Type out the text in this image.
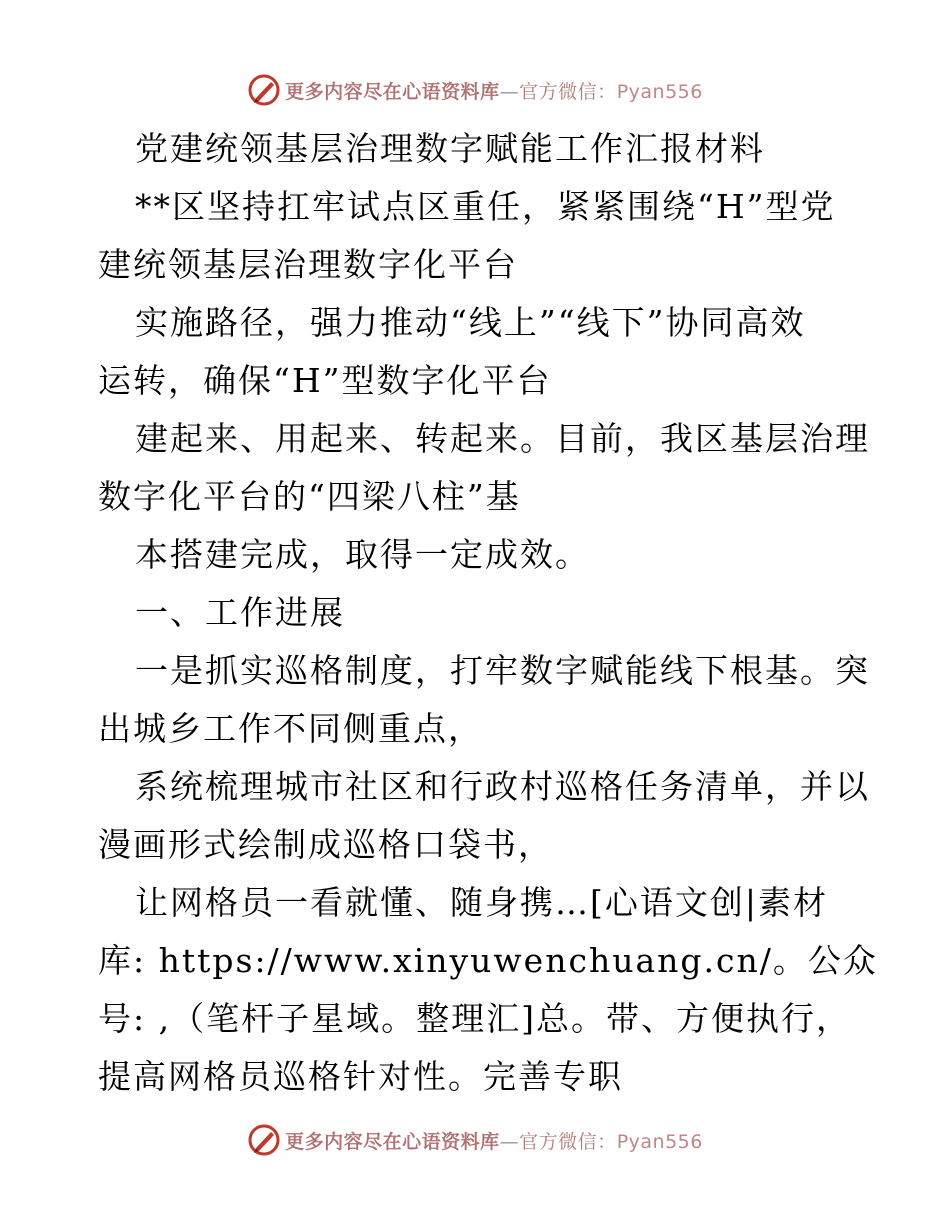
更多内容尽在心语资料库—官方微信：Pyan556
党建统领基层治理数字赋能工作汇报材料
**区坚持扛牢试点区重任，紧紧围绕“H”型党
建统领基层治理数字化平台
实施路径，强力推动“线上”“线下”协同高效
运转，确保“H”型数字化平台
建起来、用起来、转起来。目前，我区基层治理
数字化平台的“四梁八柱”基
本搭建完成，取得一定成效。
一、工作进展
一是抓实巡格制度，打牢数字赋能线下根基。突
出城乡工作不同侧重点，
系统梳理城市社区和行政村巡格任务清单，并以
漫画形式绘制成巡格口袋书，
让网格员一看就懂、随身携…[心语文创|素材
库: https://www.xinyuwenchuang.cn/。公众
号: ,（笔杆子星域。整理汇]总。带、方便执行，
提高网格员巡格针对性。完善专职
更多内容尽在心语资料库—官方微信：Pyan556
